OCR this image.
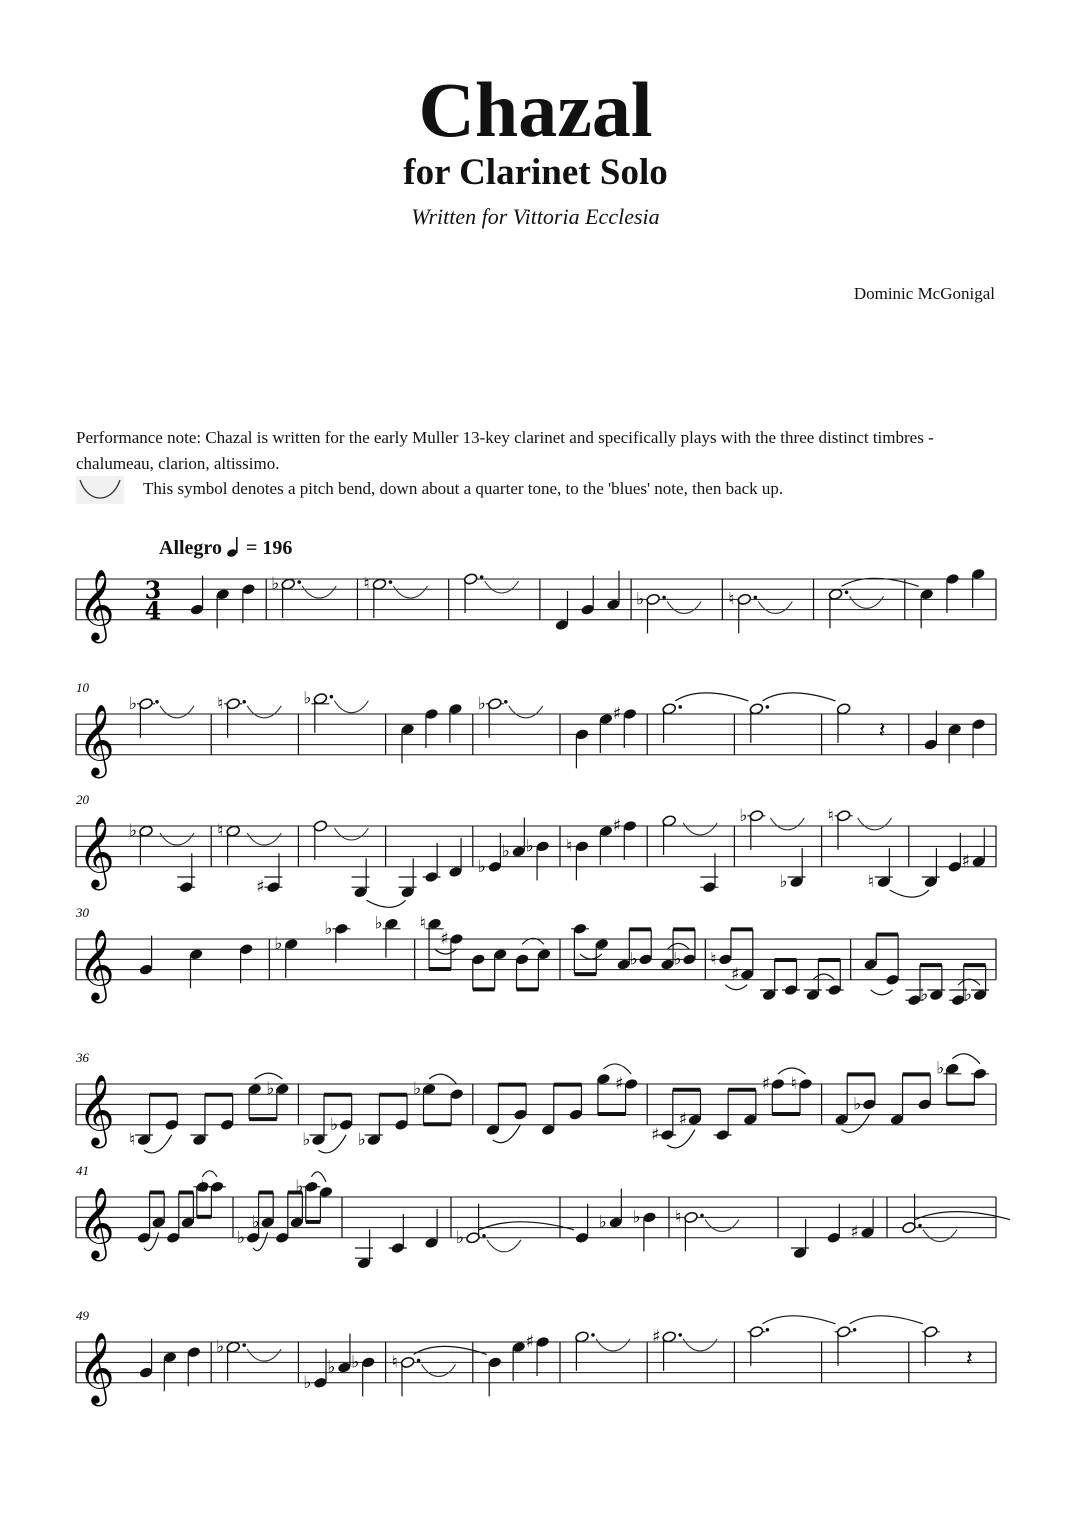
Chazal
for Clarinet Solo
Written for Vittoria Ecclesia
Dominic McGonigal
Performance note: Chazal is written for the early Muller 13-key clarinet and specifically plays with the three distinct timbres - chalumeau, clarion, altissimo.
This symbol denotes a pitch bend, down about a quarter tone, to the 'blues' note, then back up.
Allegro = 196
𝄞 3
4
♭	♮
♭	♮
𝄞
10
♭	♮	♭	♭
♯
𝄽
𝄞
20
♭	♮
♯
♭
♭ ♭ ♮
♯
♭
♭
♮
♮
♯
𝄞
30
♭
♭ ♭ ♮
♯
♭ ♭ ♮
♯
♭ ♭
𝄞
36
♮
♭
♭
♭
♭
♭	♯
♯
♯
♯ ♮
♭
♭
𝄞
41
♭
♭
♭
♭
♭
♭ ♭ ♮
♯
𝄞
49
♭
♭
♭ ♭ ♮
♯	♯
𝄽
